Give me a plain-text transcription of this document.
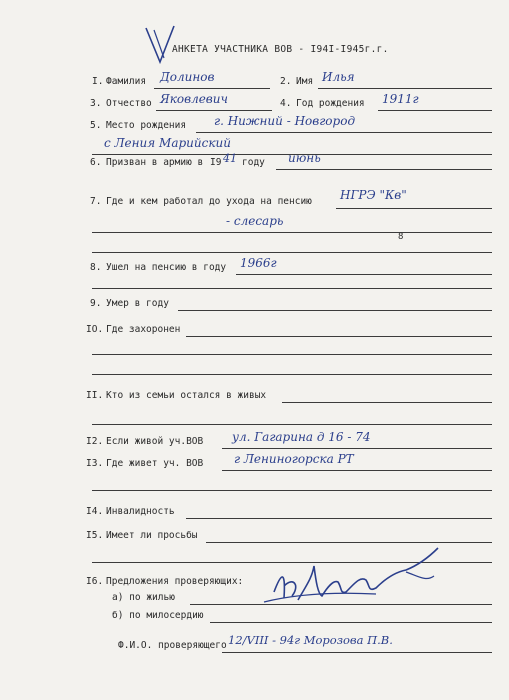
АНКЕТА УЧАСТНИКА ВОВ - I94I-I945г.г.
I. Фамилия Долинов	2. Имя Илья
3. Отчество Яковлевич	4. Год рождения 1911г
5. Место рождения г. Нижний - Новгород
с Ления Марийский
6. Призван в армию в I9 41 году июнь
7. Где и кем работал до ухода на пенсию НГРЭ "Кв"
- слесарь
8
8. Ушел на пенсию в году 1966г
9. Умер в году
IO. Где захоронен
II. Кто из семьи остался в живых
I2. Если живой уч.ВОВ ул. Гагарина д 16 - 74
I3. Где живет уч. ВОВ	г Лениногорска РТ
I4. Инвалидность
I5. Имеет ли просьбы
I6. Предложения проверяющих:
а) по жилью
б) по милосердию
Ф.И.О. проверяющего 12/VIII - 94г Морозова П.В.
